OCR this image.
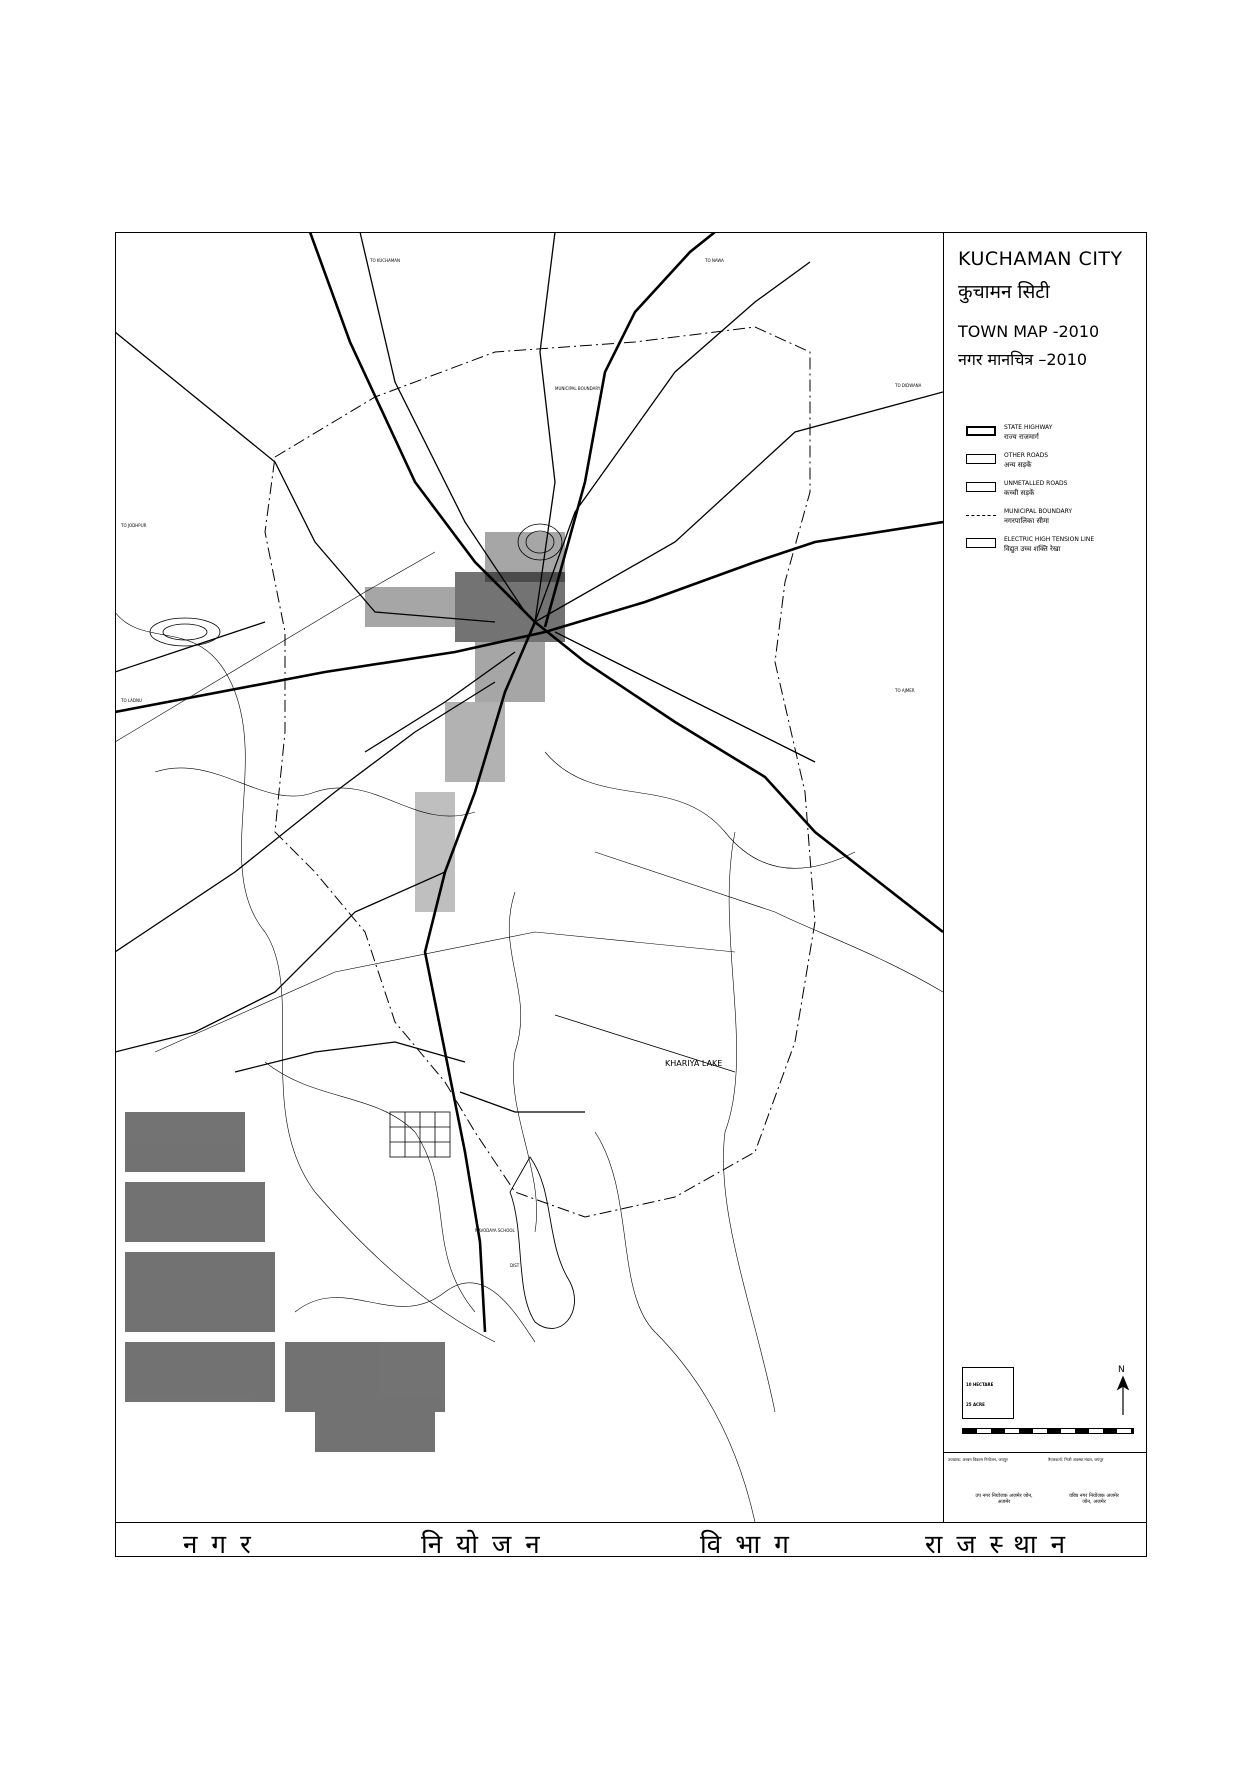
KHARIYA LAKE
MUNICIPAL BOUNDARY
NAVODAYA SCHOOL
DIST
TO KUCHAMAN	TO NAWA
TO DIDWANA
TO LADNU
TO JODHPUR
TO AJMER
KUCHAMAN CITY
कुचामन सिटी
TOWN MAP -2010
नगर मानचित्र –2010
STATE HIGHWAY
राज्य राजमार्ग
OTHER ROADS
अन्य सड़कें
UNMETALLED ROADS
कच्ची सड़कें
MUNICIPAL BOUNDARY
नगरपालिका सीमा
ELECTRIC HIGH TENSION LINE
विद्युत उच्च शक्ति रेखा
10 HECTARE
25 ACRE
N
उपखण्ड: अरबन विकास नियोजन, जयपुर	तैयारकर्ता: निजी अवस्था मंडल, जयपुर
उप नगर नियोजक अजमेर जोन, अजमेर
वरिष्ठ नगर नियोजक अजमेर जोन, अजमेर
नगर	नियोजन	विभाग	राजस्थान
